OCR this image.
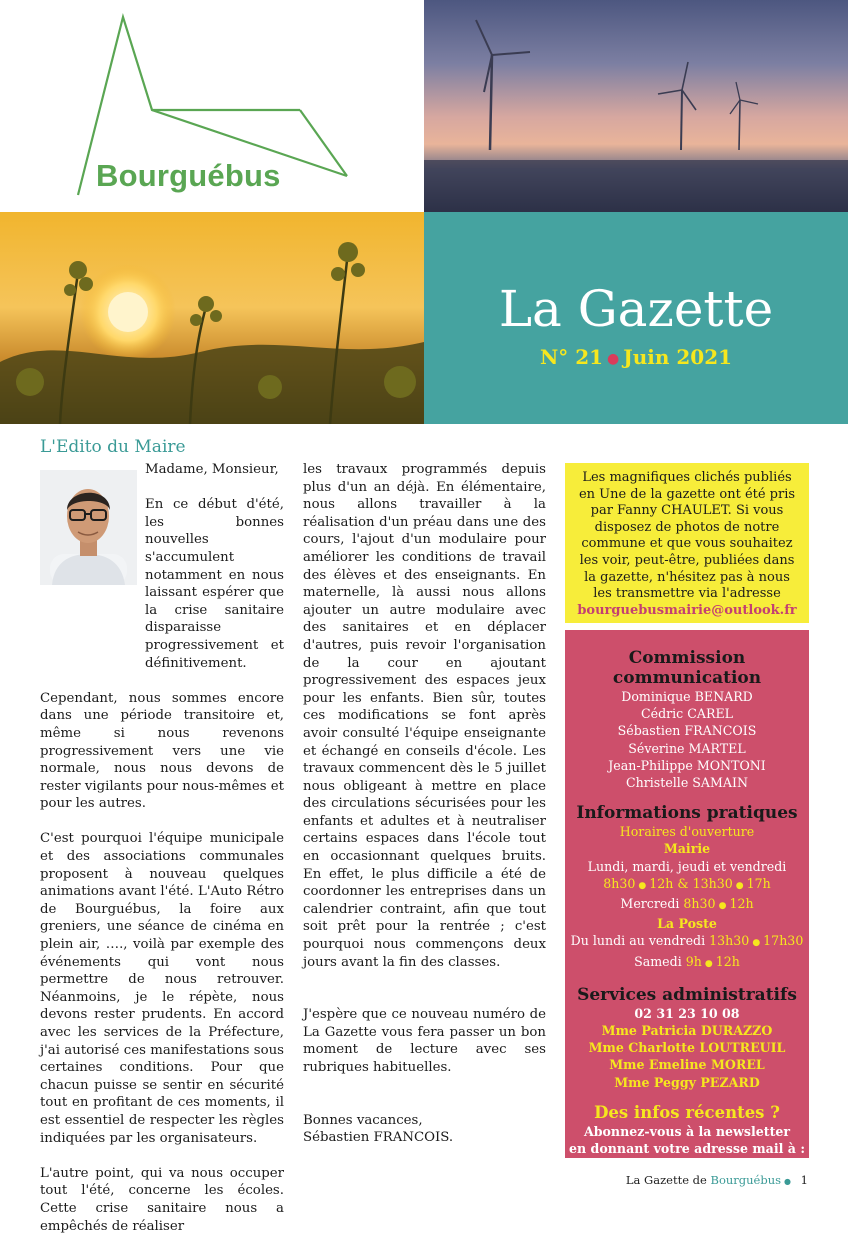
Bourguébus
La Gazette
N° 21 ● Juin 2021
L'Edito du Maire

Madame, Monsieur,

En ce début d'été, les bonnes nouvelles s'accumulent notamment en nous laissant espérer que la crise sanitaire disparaisse progressivement et définitivement.

Cependant, nous sommes encore dans une période transitoire et, même si nous revenons progressivement vers une vie normale, nous nous devons de rester vigilants pour nous-mêmes et pour les autres.

C'est pourquoi l'équipe municipale et des associations communales proposent à nouveau quelques animations avant l'été. L'Auto Rétro de Bourguébus, la foire aux greniers, une séance de cinéma en plein air, …., voilà par exemple des événements qui vont nous permettre de nous retrouver. Néanmoins, je le répète, nous devons rester prudents. En accord avec les services de la Préfecture, j'ai autorisé ces manifestations sous certaines conditions. Pour que chacun puisse se sentir en sécurité tout en profitant de ces moments, il est essentiel de respecter les règles indiquées par les organisateurs.

L'autre point, qui va nous occuper tout l'été, concerne les écoles. Cette crise sanitaire nous a empêchés de réaliser

les travaux programmés depuis plus d'un an déjà. En élémentaire, nous allons travailler à la réalisation d'un préau dans une des cours, l'ajout d'un modulaire pour améliorer les conditions de travail des élèves et des enseignants. En maternelle, là aussi nous allons ajouter un autre modulaire avec des sanitaires et en déplacer d'autres, puis revoir l'organisation de la cour en ajoutant progressivement des espaces jeux pour les enfants. Bien sûr, toutes ces modifications se font après avoir consulté l'équipe enseignante et échangé en conseils d'école. Les travaux commencent dès le 5 juillet nous obligeant à mettre en place des circulations sécurisées pour les enfants et adultes et à neutraliser certains espaces dans l'école tout en occasionnant quelques bruits. En effet, le plus difficile a été de coordonner les entreprises dans un calendrier contraint, afin que tout soit prêt pour la rentrée ; c'est pourquoi nous commençons deux jours avant la fin des classes.

J'espère que ce nouveau numéro de La Gazette vous fera passer un bon moment de lecture avec ses rubriques habituelles.

Bonnes vacances,

Sébastien FRANCOIS.

Les magnifiques clichés publiés en Une de la gazette ont été pris par Fanny CHAULET. Si vous disposez de photos de notre commune et que vous souhaitez les voir, peut-être, publiées dans la gazette, n'hésitez pas à nous les transmettre via l'adresse bourguebusmairie@outlook.fr
Commission communication
Dominique BENARD
Cédric CAREL
Sébastien FRANCOIS
Séverine MARTEL
Jean-Philippe MONTONI
Christelle SAMAIN
Informations pratiques
Horaires d'ouverture
Mairie
Lundi, mardi, jeudi et vendredi
8h30 ● 12h & 13h30 ● 17h
Mercredi 8h30 ● 12h
La Poste
Du lundi au vendredi 13h30 ● 17h30
Samedi 9h ● 12h
Services administratifs
02 31 23 10 08
Mme Patricia DURAZZO
Mme Charlotte LOUTREUIL
Mme Emeline MOREL
Mme Peggy PEZARD
Des infos récentes ?
Abonnez-vous à la newsletter
en donnant votre adresse mail à :
bourguebus.accueil@wanadoo.fr
La Gazette de Bourguébus ● 1
